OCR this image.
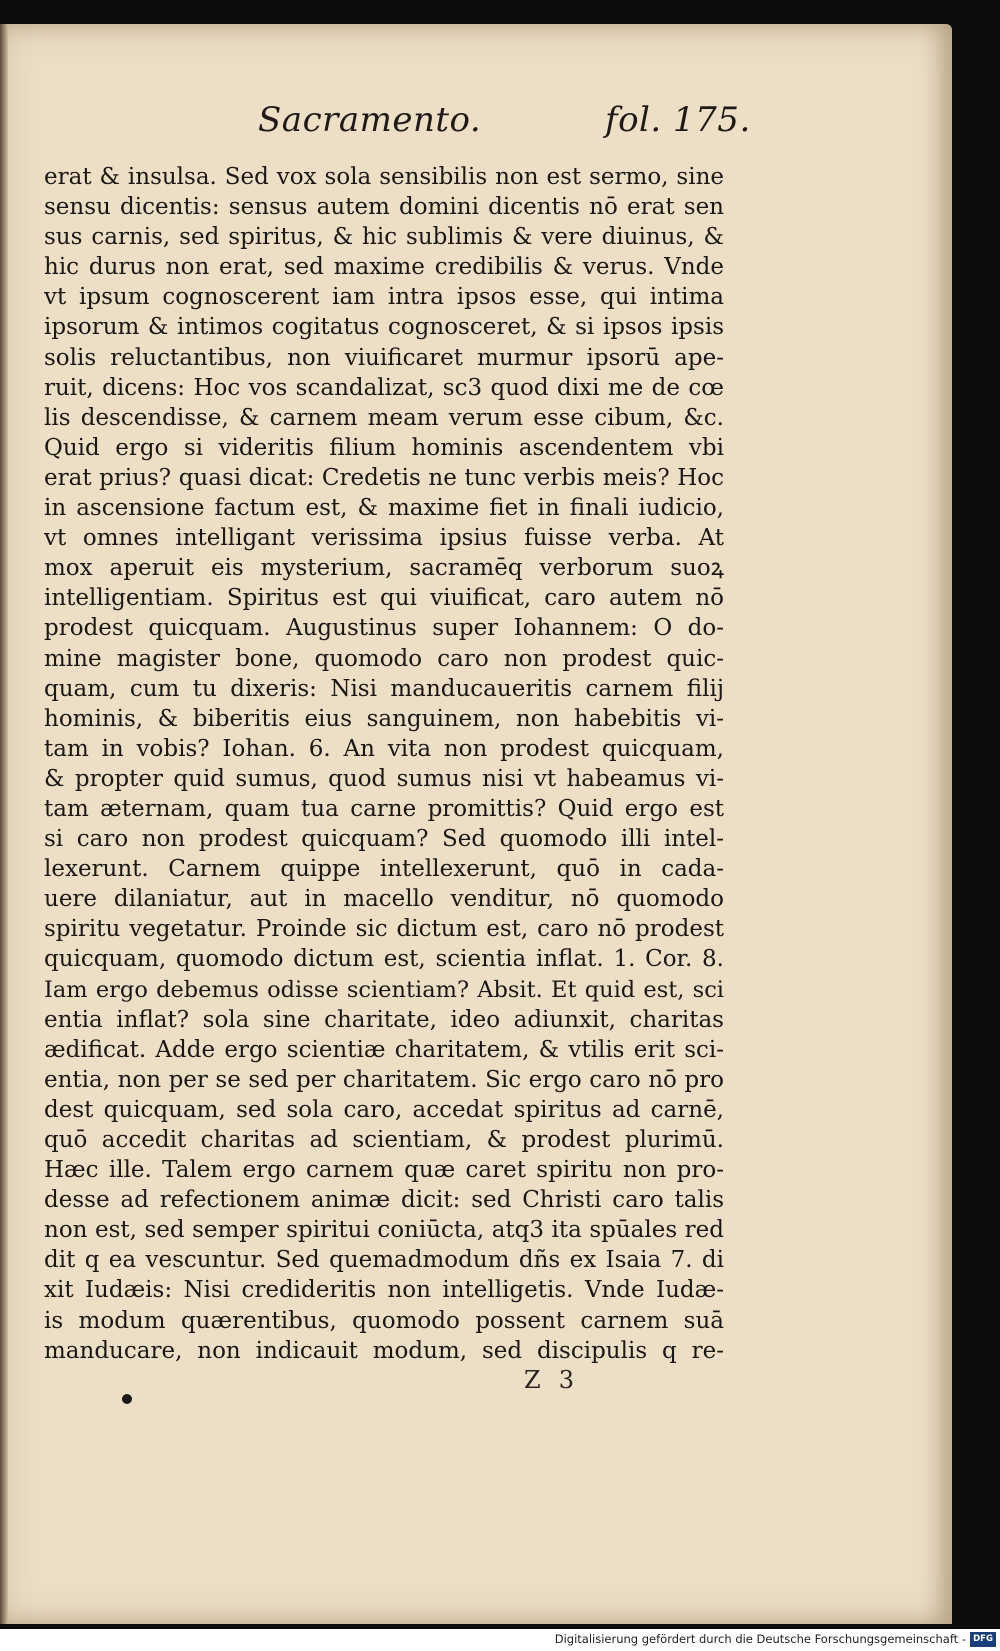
Sacramento.	fol. 175.
erat & insulsa. Sed vox sola sensibilis non est sermo, sine
sensu dicentis: sensus autem domini dicentis nō erat sen
sus carnis, sed spiritus, & hic sublimis & vere diuinus, &
hic durus non erat, sed maxime credibilis & verus. Vnde
vt ipsum cognoscerent iam intra ipsos esse, qui intima
ipsorum & intimos cogitatus cognosceret, & si ipsos ipsis
solis reluctantibus, non viuificaret murmur ipsorū ape-
ruit, dicens: Hoc vos scandalizat, sc3 quod dixi me de cœ
lis descendisse, & carnem meam verum esse cibum, &c.
Quid ergo si videritis filium hominis ascendentem vbi
erat prius? quasi dicat: Credetis ne tunc verbis meis? Hoc
in ascensione factum est, & maxime fiet in finali iudicio,
vt omnes intelligant verissima ipsius fuisse verba. At
mox aperuit eis mysterium, sacramēq verborum suoꝝ
intelligentiam. Spiritus est qui viuificat, caro autem nō
prodest quicquam. Augustinus super Iohannem: O do-
mine magister bone, quomodo caro non prodest quic-
quam, cum tu dixeris: Nisi manducaueritis carnem filij
hominis, & biberitis eius sanguinem, non habebitis vi-
tam in vobis? Iohan. 6. An vita non prodest quicquam,
& propter quid sumus, quod sumus nisi vt habeamus vi-
tam æternam, quam tua carne promittis? Quid ergo est
si caro non prodest quicquam? Sed quomodo illi intel-
lexerunt. Carnem quippe intellexerunt, quō in cada-
uere dilaniatur, aut in macello venditur, nō quomodo
spiritu vegetatur. Proinde sic dictum est, caro nō prodest
quicquam, quomodo dictum est, scientia inflat. 1. Cor. 8.
Iam ergo debemus odisse scientiam? Absit. Et quid est, sci
entia inflat? sola sine charitate, ideo adiunxit, charitas
ædificat. Adde ergo scientiæ charitatem, & vtilis erit sci-
entia, non per se sed per charitatem. Sic ergo caro nō pro
dest quicquam, sed sola caro, accedat spiritus ad carnē,
quō accedit charitas ad scientiam, & prodest plurimū.
Hæc ille. Talem ergo carnem quæ caret spiritu non pro-
desse ad refectionem animæ dicit: sed Christi caro talis
non est, sed semper spiritui coniūcta, atq3 ita spūales red
dit q ea vescuntur. Sed quemadmodum dñs ex Isaia 7. di
xit Iudæis: Nisi credideritis non intelligetis. Vnde Iudæ-
is modum quærentibus, quomodo possent carnem suā
manducare, non indicauit modum, sed discipulis q re-
Z3
Digitalisierung gefördert durch die Deutsche Forschungsgemeinschaft - DFG
